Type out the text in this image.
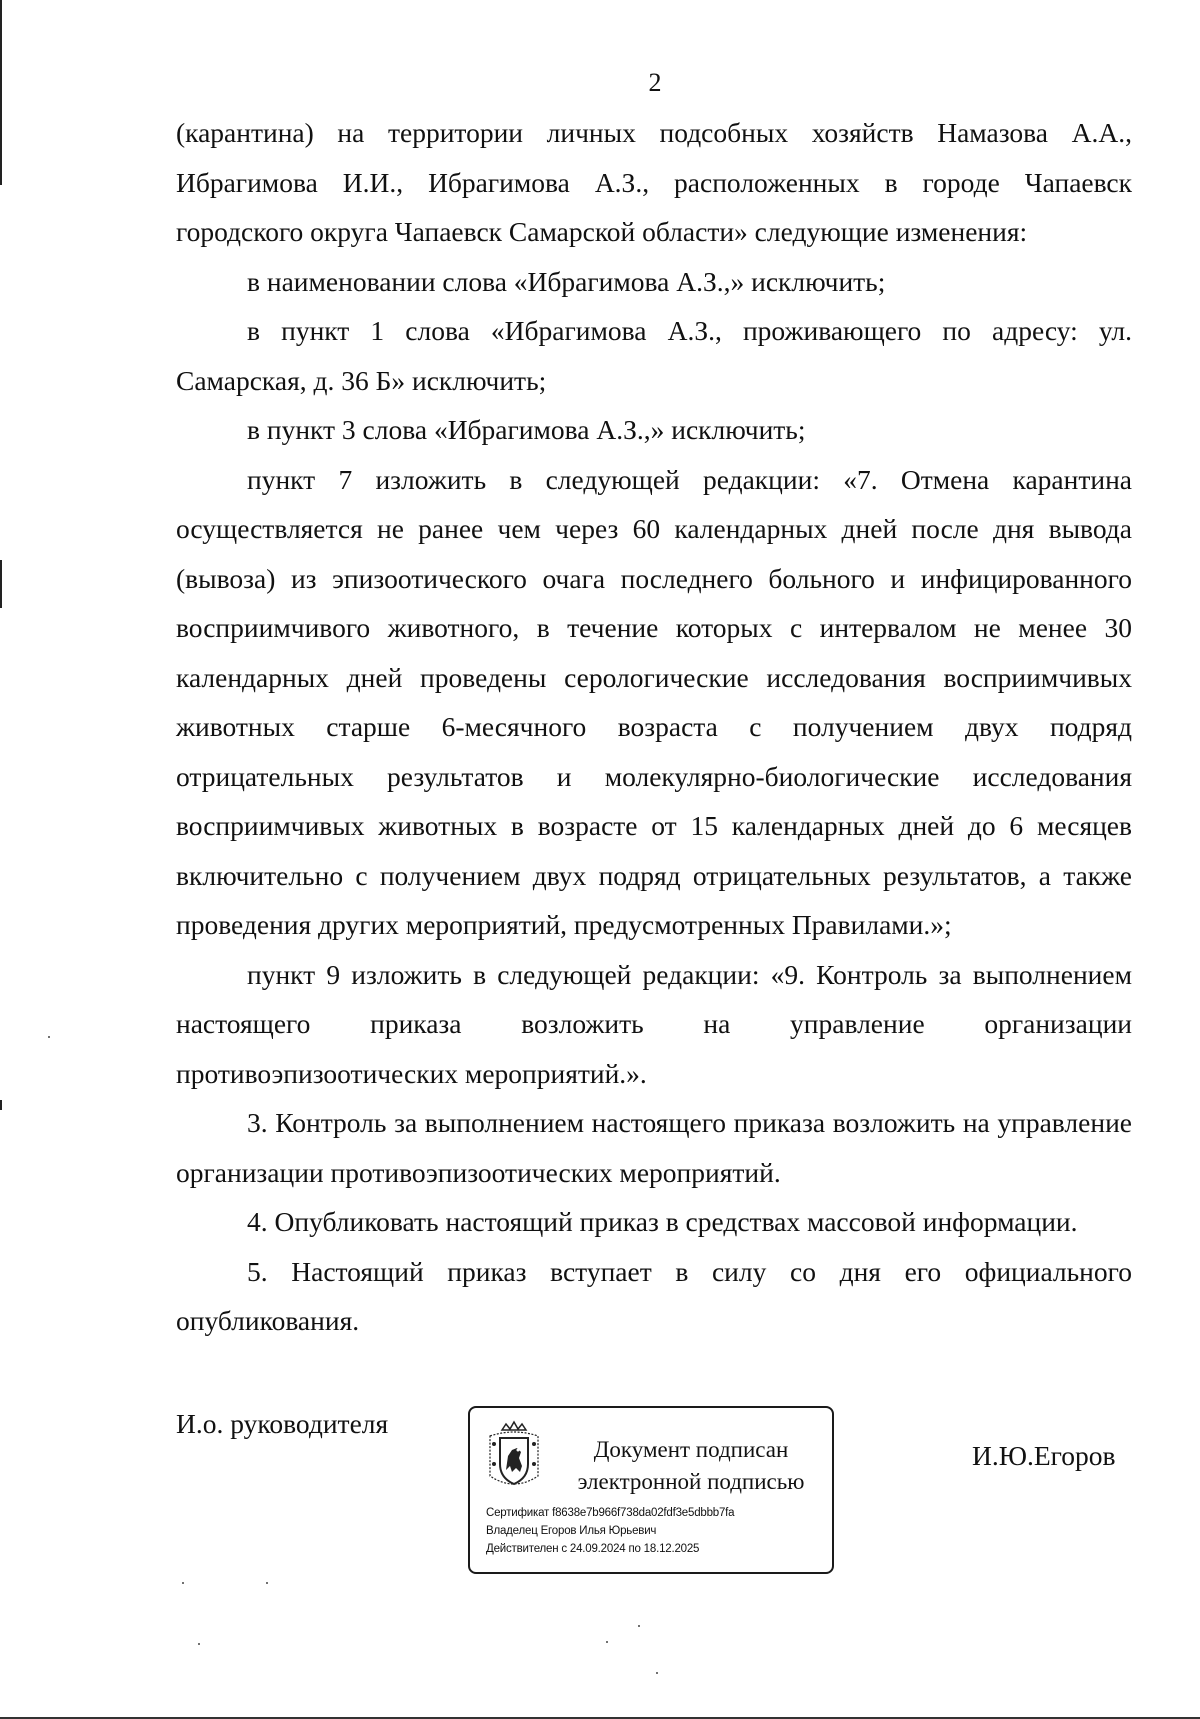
2

(карантина) на территории личных подсобных хозяйств Намазова А.А., Ибрагимова И.И., Ибрагимова А.З., расположенных в городе Чапаевск городского округа Чапаевск Самарской области» следующие изменения:

в наименовании слова «Ибрагимова А.З.,» исключить;

в пункт 1 слова «Ибрагимова А.З., проживающего по адресу: ул. Самарская, д. 36 Б» исключить;

в пункт 3 слова «Ибрагимова А.З.,» исключить;

пункт 7 изложить в следующей редакции: «7. Отмена карантина осуществляется не ранее чем через 60 календарных дней после дня вывода (вывоза) из эпизоотического очага последнего больного и инфицированного восприимчивого животного, в течение которых с интервалом не менее 30 календарных дней проведены серологические исследования восприимчивых животных старше 6-месячного возраста с получением двух подряд отрицательных результатов и молекулярно-биологические исследования восприимчивых животных в возрасте от 15 календарных дней до 6 месяцев включительно с получением двух подряд отрицательных результатов, а также проведения других мероприятий, предусмотренных Правилами.»;

пункт 9 изложить в следующей редакции: «9. Контроль за выполнением настоящего приказа возложить на управление организации противоэпизоотических мероприятий.».

3. Контроль за выполнением настоящего приказа возложить на управление организации противоэпизоотических мероприятий.

4. Опубликовать настоящий приказ в средствах массовой информации.

5. Настоящий приказ вступает в силу со дня его официального опубликования.

И.о. руководителя
Документ подписан
электронной подписью
Сертификат f8638e7b966f738da02fdf3e5dbbb7fa
Владелец Егоров Илья Юрьевич
Действителен с 24.09.2024 по 18.12.2025
И.Ю.Егоров
